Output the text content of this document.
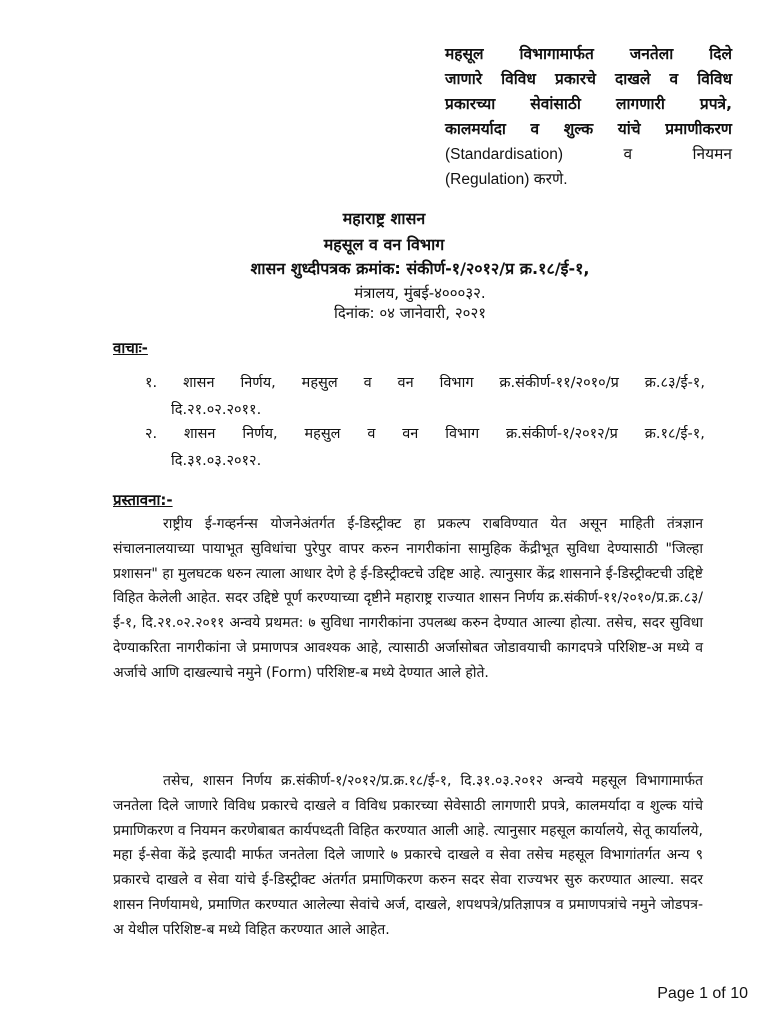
महसूल विभागामार्फत जनतेला दिले
जाणारे विविध प्रकारचे दाखले व विविध
प्रकारच्या सेवांसाठी लागणारी प्रपत्रे,
कालमर्यादा व शुल्क यांचे प्रमाणीकरण
(Standardisation) व नियमन
(Regulation) करणे.
महाराष्ट्र शासन
महसूल व वन विभाग
शासन शुध्दीपत्रक क्रमांक: संकीर्ण-१/२०१२/प्र क्र.१८/ई-१,
मंत्रालय, मुंबई-४०००३२.
दिनांक: ०४ जानेवारी, २०२१
वाचाः-
१. शासन निर्णय, महसुल व वन विभाग क्र.संकीर्ण-११/२०१०/प्र क्र.८३/ई-१,
दि.२१.०२.२०११.
२. शासन निर्णय, महसुल व वन विभाग क्र.संकीर्ण-१/२०१२/प्र क्र.१८/ई-१,
दि.३१.०३.२०१२.
प्रस्तावना:-
राष्ट्रीय ई-गव्हर्नन्स योजनेअंतर्गत ई-डिस्ट्रीक्ट हा प्रकल्प राबविण्यात येत असून माहिती तंत्रज्ञान संचालनालयाच्या पायाभूत सुविधांचा पुरेपुर वापर करुन नागरीकांना सामुहिक केंद्रीभूत सुविधा देण्यासाठी "जिल्हा प्रशासन" हा मुलघटक धरुन त्याला आधार देणे हे ई-डिस्ट्रीक्टचे उद्दिष्ट आहे. त्यानुसार केंद्र शासनाने ई-डिस्ट्रीक्टची उद्दिष्टे विहित केलेली आहेत. सदर उद्दिष्टे पूर्ण करण्याच्या दृष्टीने महाराष्ट्र राज्यात शासन निर्णय क्र.संकीर्ण-११/२०१०/प्र.क्र.८३/ई-१, दि.२१.०२.२०११ अन्वये प्रथमत: ७ सुविधा नागरीकांना उपलब्ध करुन देण्यात आल्या होत्या. तसेच, सदर सुविधा देण्याकरिता नागरीकांना जे प्रमाणपत्र आवश्यक आहे, त्यासाठी अर्जासोबत जोडावयाची कागदपत्रे परिशिष्ट-अ मध्ये व अर्जाचे आणि दाखल्याचे नमुने (Form) परिशिष्ट-ब मध्ये देण्यात आले होते.
तसेच, शासन निर्णय क्र.संकीर्ण-१/२०१२/प्र.क्र.१८/ई-१, दि.३१.०३.२०१२ अन्वये महसूल विभागामार्फत जनतेला दिले जाणारे विविध प्रकारचे दाखले व विविध प्रकारच्या सेवेसाठी लागणारी प्रपत्रे, कालमर्यादा व शुल्क यांचे प्रमाणिकरण व नियमन करणेबाबत कार्यपध्दती विहित करण्यात आली आहे. त्यानुसार महसूल कार्यालये, सेतू कार्यालये, महा ई-सेवा केंद्रे इत्यादी मार्फत जनतेला दिले जाणारे ७ प्रकारचे दाखले व सेवा तसेच महसूल विभागांतर्गत अन्य ९ प्रकारचे दाखले व सेवा यांचे ई-डिस्ट्रीक्ट अंतर्गत प्रमाणिकरण करुन सदर सेवा राज्यभर सुरु करण्यात आल्या. सदर शासन निर्णयामधे, प्रमाणित करण्यात आलेल्या सेवांचे अर्ज, दाखले, शपथपत्रे/प्रतिज्ञापत्र व प्रमाणपत्रांचे नमुने जोडपत्र-अ येथील परिशिष्ट-ब मध्ये विहित करण्यात आले आहेत.
Page 1 of 10
